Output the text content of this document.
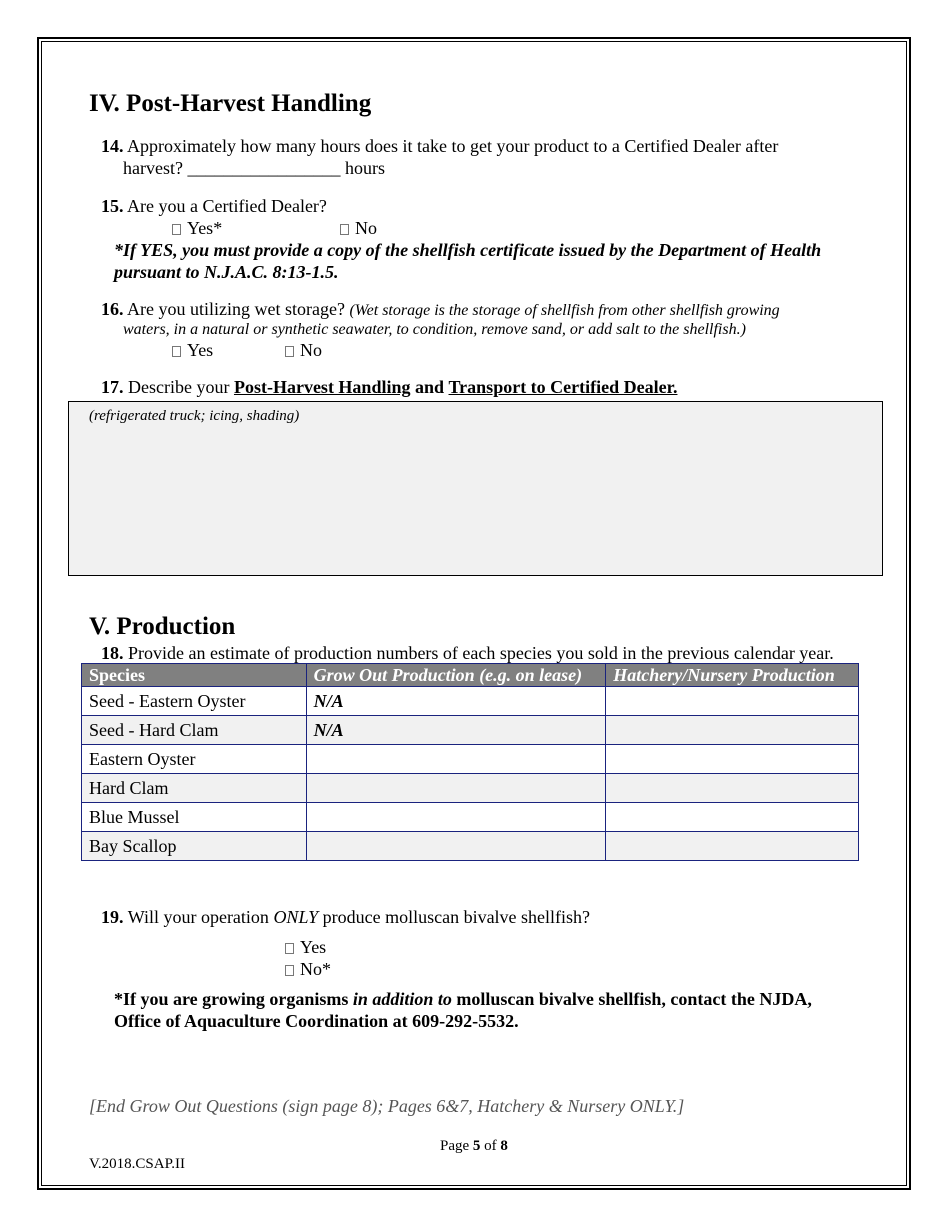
IV. Post-Harvest Handling
14. Approximately how many hours does it take to get your product to a Certified Dealer after
harvest? _________________ hours
15. Are you a Certified Dealer?
Yes*	No
*If YES, you must provide a copy of the shellfish certificate issued by the Department of Health
pursuant to N.J.A.C. 8:13-1.5.
16. Are you utilizing wet storage? (Wet storage is the storage of shellfish from other shellfish growing
waters, in a natural or synthetic seawater, to condition, remove sand, or add salt to the shellfish.)
Yes	No
17. Describe your Post-Harvest Handling and Transport to Certified Dealer.
(refrigerated truck; icing, shading)
V. Production
18. Provide an estimate of production numbers of each species you sold in the previous calendar year.
Species	Grow Out Production (e.g. on lease)	Hatchery/Nursery Production
Seed - Eastern Oyster	N/A	
Seed - Hard Clam	N/A	
Eastern Oyster		
Hard Clam		
Blue Mussel		
Bay Scallop		
19. Will your operation ONLY produce molluscan bivalve shellfish?
Yes
No*
*If you are growing organisms in addition to molluscan bivalve shellfish, contact the NJDA,
Office of Aquaculture Coordination at 609-292-5532.
[End Grow Out Questions (sign page 8); Pages 6&7, Hatchery & Nursery ONLY.]
Page 5 of 8
V.2018.CSAP.II
